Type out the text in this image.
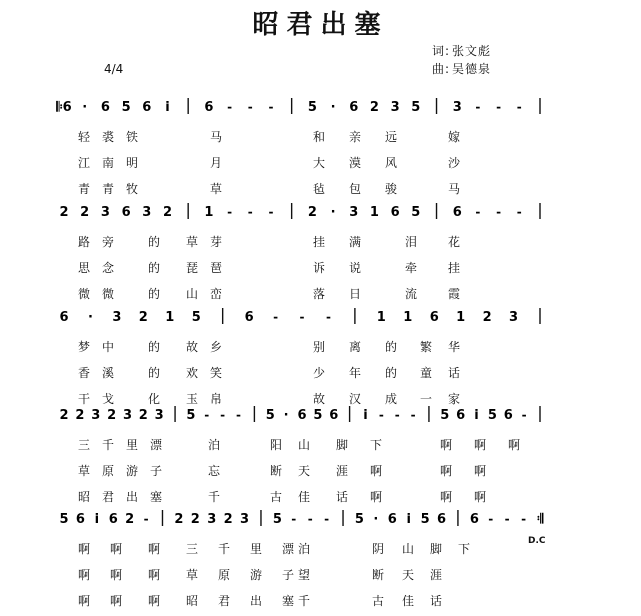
昭君出塞
词: 张文彪
曲: 吴德泉
4/4
𝄆6 · 6 5 6 i	6 - - -	5 · 6 2 3 5 3 - - -
轻 裘 铁	马	和 亲 远	嫁
江 南 明	月	大 漠 风	沙
青 青 牧	草	毡 包 骏	马
2 2 3 6 3 2 1 - - -	2 · 3 1 6 5 6 - - -
路 旁	的 草 芽	挂 满	泪	花
思 念	的 琵 琶	诉 说	牵	挂
微 微	的 山 峦	落 日	流	霞
6 · 3 2 1 5	6 - - -	1 1 6 1 2 3
梦 中	的 故 乡	别 离 的 繁 华
香 溪	的 欢 笑	少 年 的 童 话
干 戈	化 玉 帛	故 汉 成 一 家
2 2 3 2 3 2 3 5 - - - 5 · 6 5 6 i - - - 5 6 i 5 6 -
三 千 里 漂	泊	阳 山 脚 下	啊 啊 啊
草 原 游 子	忘	断 天 涯 啊	啊 啊
昭 君 出 塞	千	古 佳 话 啊	啊 啊
5 6 i 6 2 - 2 2 3 2 3 5 - - - 5 · 6 i 5 6 6 - - - 𝄇
啊 啊 啊 三 千 里 漂 泊	阴 山 脚 下
啊 啊 啊 草 原 游 子 望	断 天 涯
啊 啊 啊 昭 君 出 塞 千	古 佳 话
D.C
